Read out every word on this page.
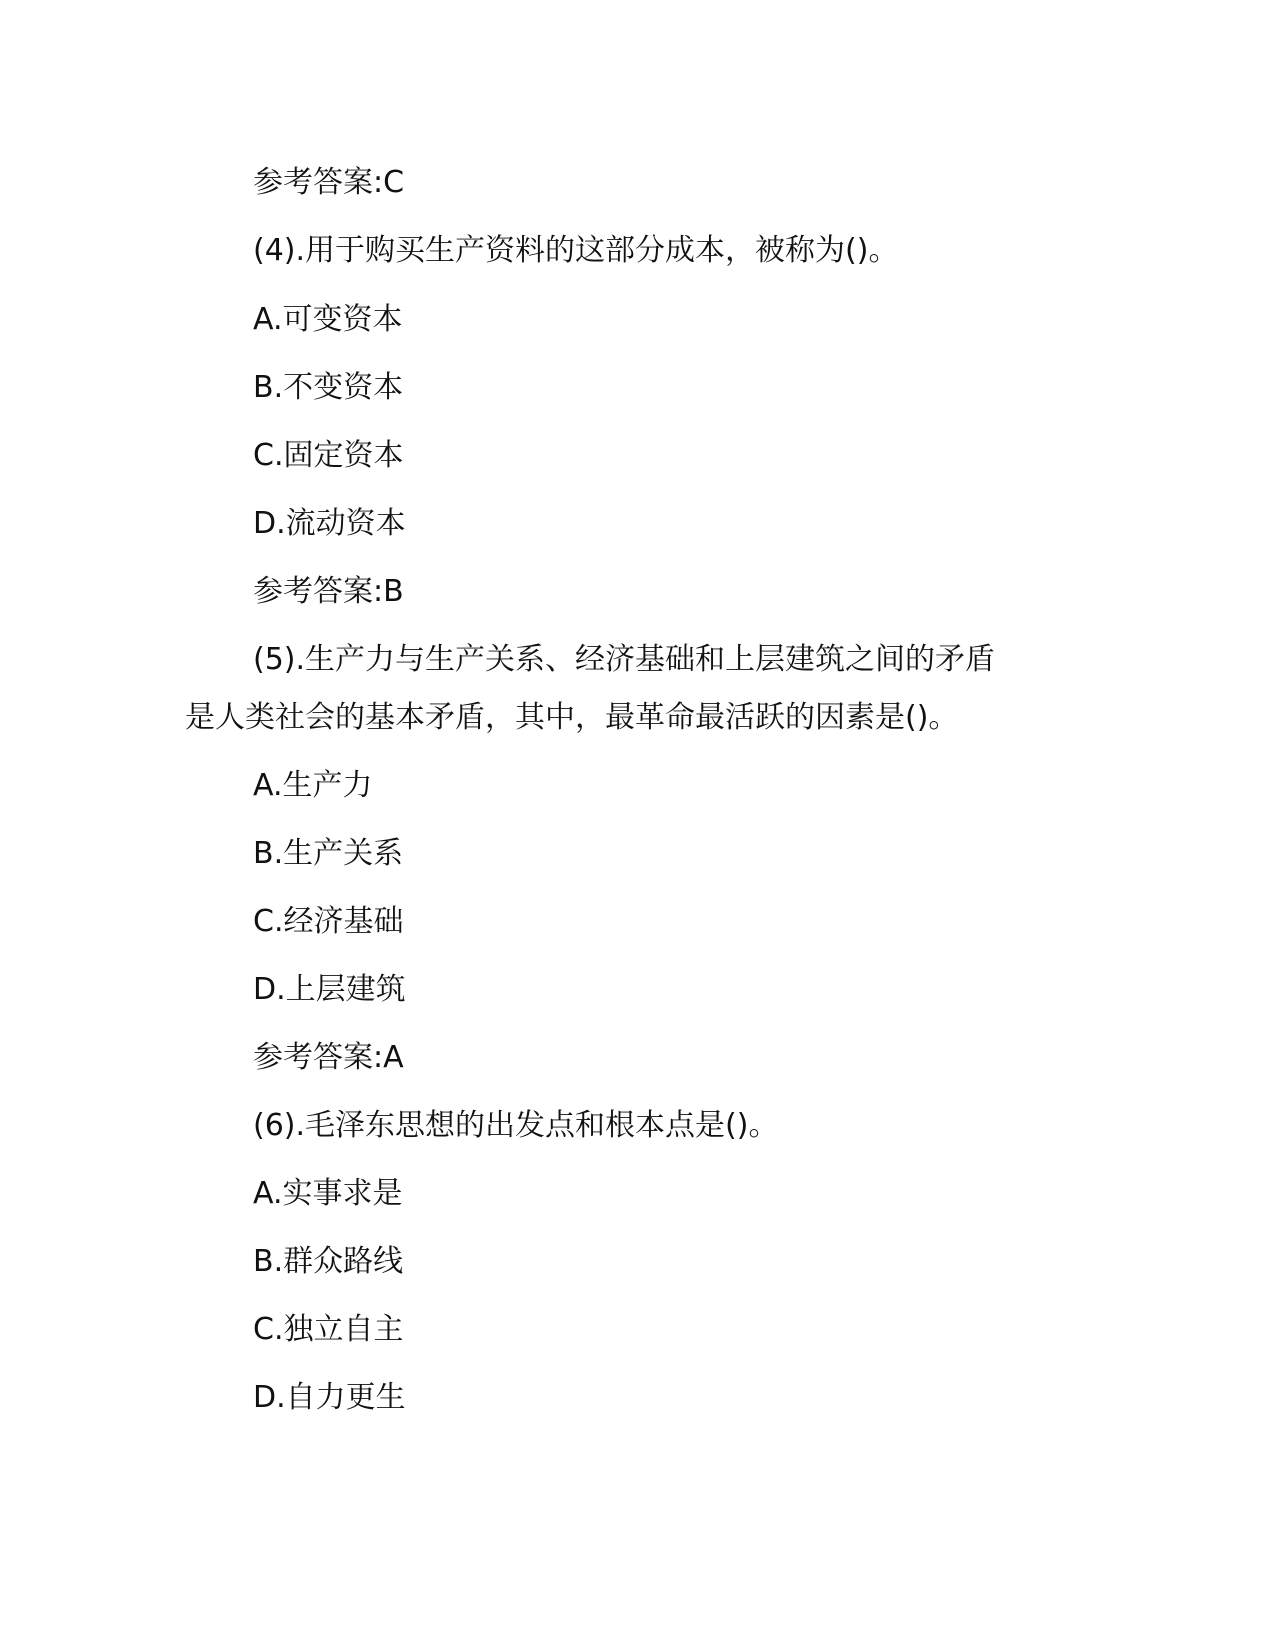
参考答案:C
(4).用于购买生产资料的这部分成本，被称为()。
A.可变资本
B.不变资本
C.固定资本
D.流动资本
参考答案:B
(5).生产力与生产关系、经济基础和上层建筑之间的矛盾
是人类社会的基本矛盾，其中，最革命最活跃的因素是()。
A.生产力
B.生产关系
C.经济基础
D.上层建筑
参考答案:A
(6).毛泽东思想的出发点和根本点是()。
A.实事求是
B.群众路线
C.独立自主
D.自力更生
